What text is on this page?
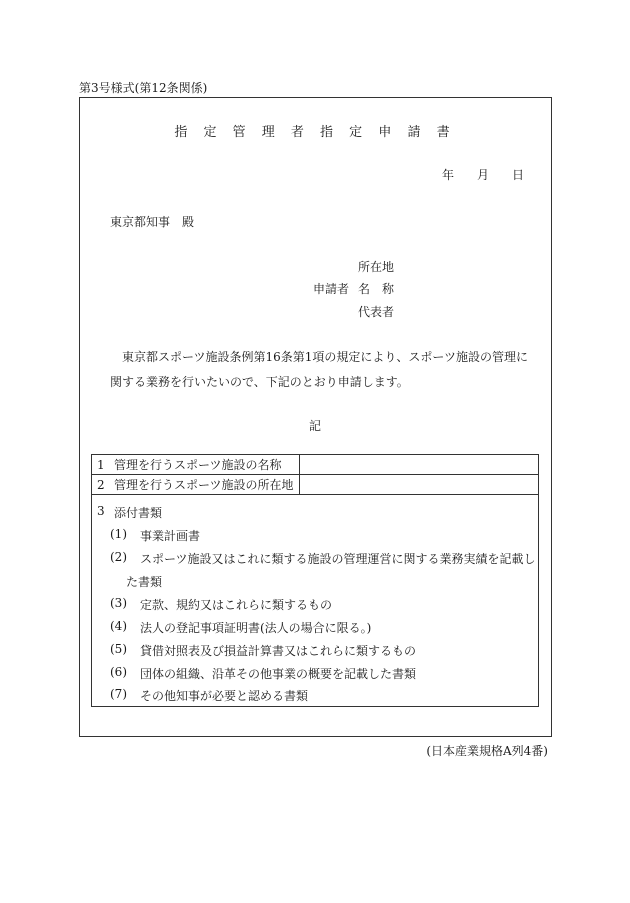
第3号様式(第12条関係)
指 定 管 理 者 指 定 申 請 書
年 月 日
東京都知事　殿
所在地
申請者 名　称
代表者
東京都スポーツ施設条例第16条第1項の規定により、スポーツ施設の管理に関する業務を行いたいので、下記のとおり申請します。
記
1 管理を行うスポーツ施設の名称
2 管理を行うスポーツ施設の所在地
3 添付書類
(1) 事業計画書
(2) スポーツ施設又はこれに類する施設の管理運営に関する業務実績を記載し
た書類
(3) 定款、規約又はこれらに類するもの
(4) 法人の登記事項証明書(法人の場合に限る。)
(5) 貸借対照表及び損益計算書又はこれらに類するもの
(6) 団体の組織、沿革その他事業の概要を記載した書類
(7) その他知事が必要と認める書類
(日本産業規格A列4番)
